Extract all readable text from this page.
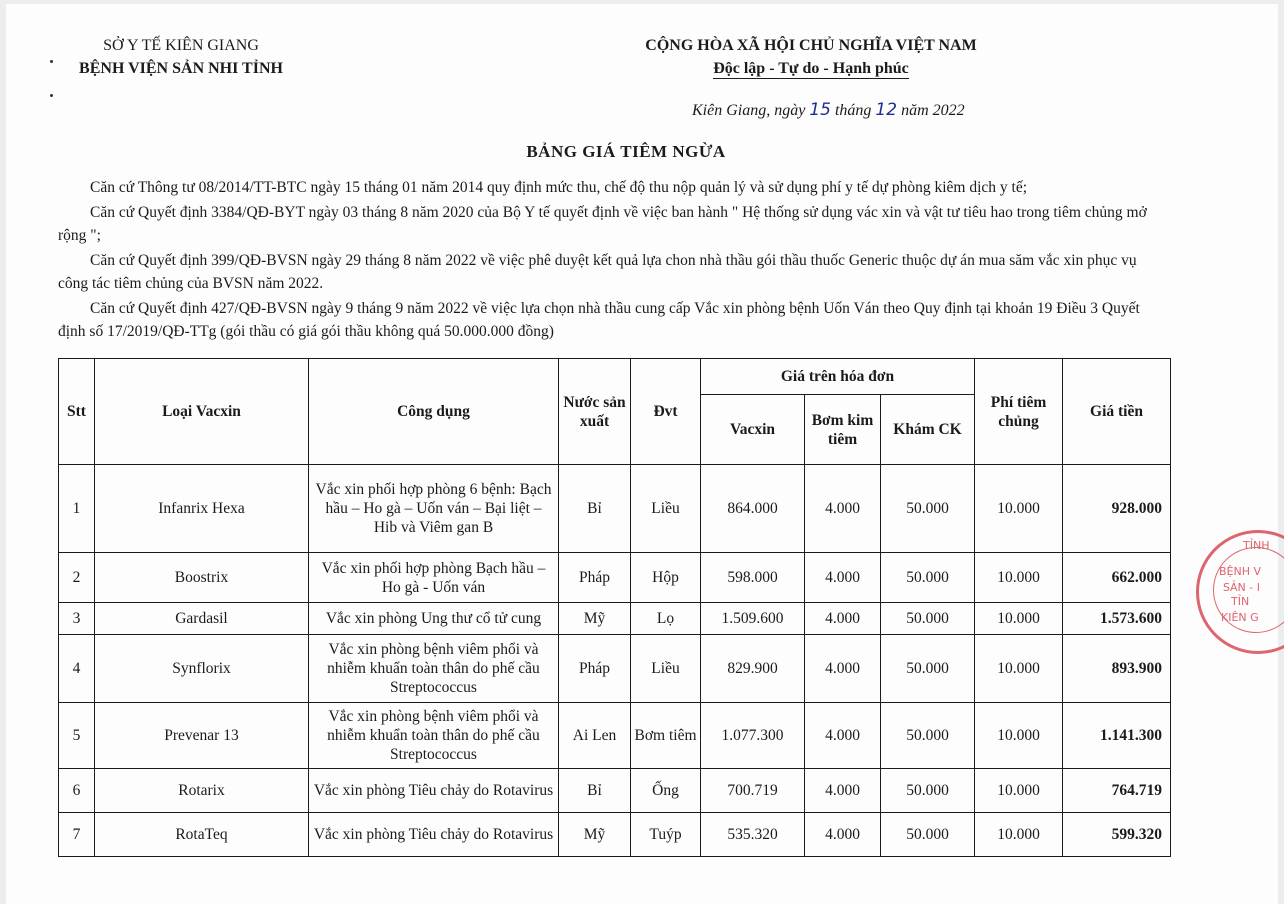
SỞ Y TẾ KIÊN GIANG
BỆNH VIỆN SẢN NHI TỈNH
CỘNG HÒA XÃ HỘI CHỦ NGHĨA VIỆT NAM
Độc lập - Tự do - Hạnh phúc
Kiên Giang, ngày 15 tháng 12 năm 2022
BẢNG GIÁ TIÊM NGỪA

Căn cứ Thông tư 08/2014/TT-BTC ngày 15 tháng 01 năm 2014 quy định mức thu, chế độ thu nộp quản lý và sử dụng phí y tế dự phòng kiêm dịch y tế;

Căn cứ Quyết định 3384/QĐ-BYT ngày 03 tháng 8 năm 2020 của Bộ Y tế quyết định về việc ban hành " Hệ thống sử dụng vác xin và vật tư tiêu hao trong tiêm chủng mở rộng ";

Căn cứ Quyết định 399/QĐ-BVSN ngày 29 tháng 8 năm 2022 về việc phê duyệt kết quả lựa chon nhà thầu gói thầu thuốc Generic thuộc dự án mua săm vắc xin phục vụ công tác tiêm chủng của BVSN năm 2022.

Căn cứ Quyết định 427/QĐ-BVSN ngày 9 tháng 9 năm 2022 về việc lựa chọn nhà thầu cung cấp Vắc xin phòng bệnh Uốn Ván theo Quy định tại khoản 19 Điều 3 Quyết định số 17/2019/QĐ-TTg (gói thầu có giá gói thầu không quá 50.000.000 đồng)

Stt	Loại Vacxin	Công dụng	Nước sản xuất	Đvt	Giá trên hóa đơn			Phí tiêm chủng	Giá tiền
					Vacxin	Bơm kim tiêm	Khám CK		
1	Infanrix Hexa	Vắc xin phối hợp phòng 6 bệnh: Bạch hầu – Ho gà – Uốn ván – Bại liệt – Hib và Viêm gan B	Bỉ	Liều	864.000	4.000	50.000	10.000	928.000
2	Boostrix	Vắc xin phối hợp phòng Bạch hầu – Ho gà - Uốn ván	Pháp	Hộp	598.000	4.000	50.000	10.000	662.000
3	Gardasil	Vắc xin phòng Ung thư cổ tử cung	Mỹ	Lọ	1.509.600	4.000	50.000	10.000	1.573.600
4	Synflorix	Vắc xin phòng bệnh viêm phổi và nhiễm khuẩn toàn thân do phế cầu Streptococcus	Pháp	Liều	829.900	4.000	50.000	10.000	893.900
5	Prevenar 13	Vắc xin phòng bệnh viêm phổi và nhiễm khuẩn toàn thân do phế cầu Streptococcus	Ai Len	Bơm tiêm	1.077.300	4.000	50.000	10.000	1.141.300
6	Rotarix	Vắc xin phòng Tiêu chảy do Rotavirus	Bỉ	Ống	700.719	4.000	50.000	10.000	764.719
7	RotaTeq	Vắc xin phòng Tiêu chảy do Rotavirus	Mỹ	Tuýp	535.320	4.000	50.000	10.000	599.320
TỈNH
BỆNH V
SẢN - I
TỈN
KIÊN G
